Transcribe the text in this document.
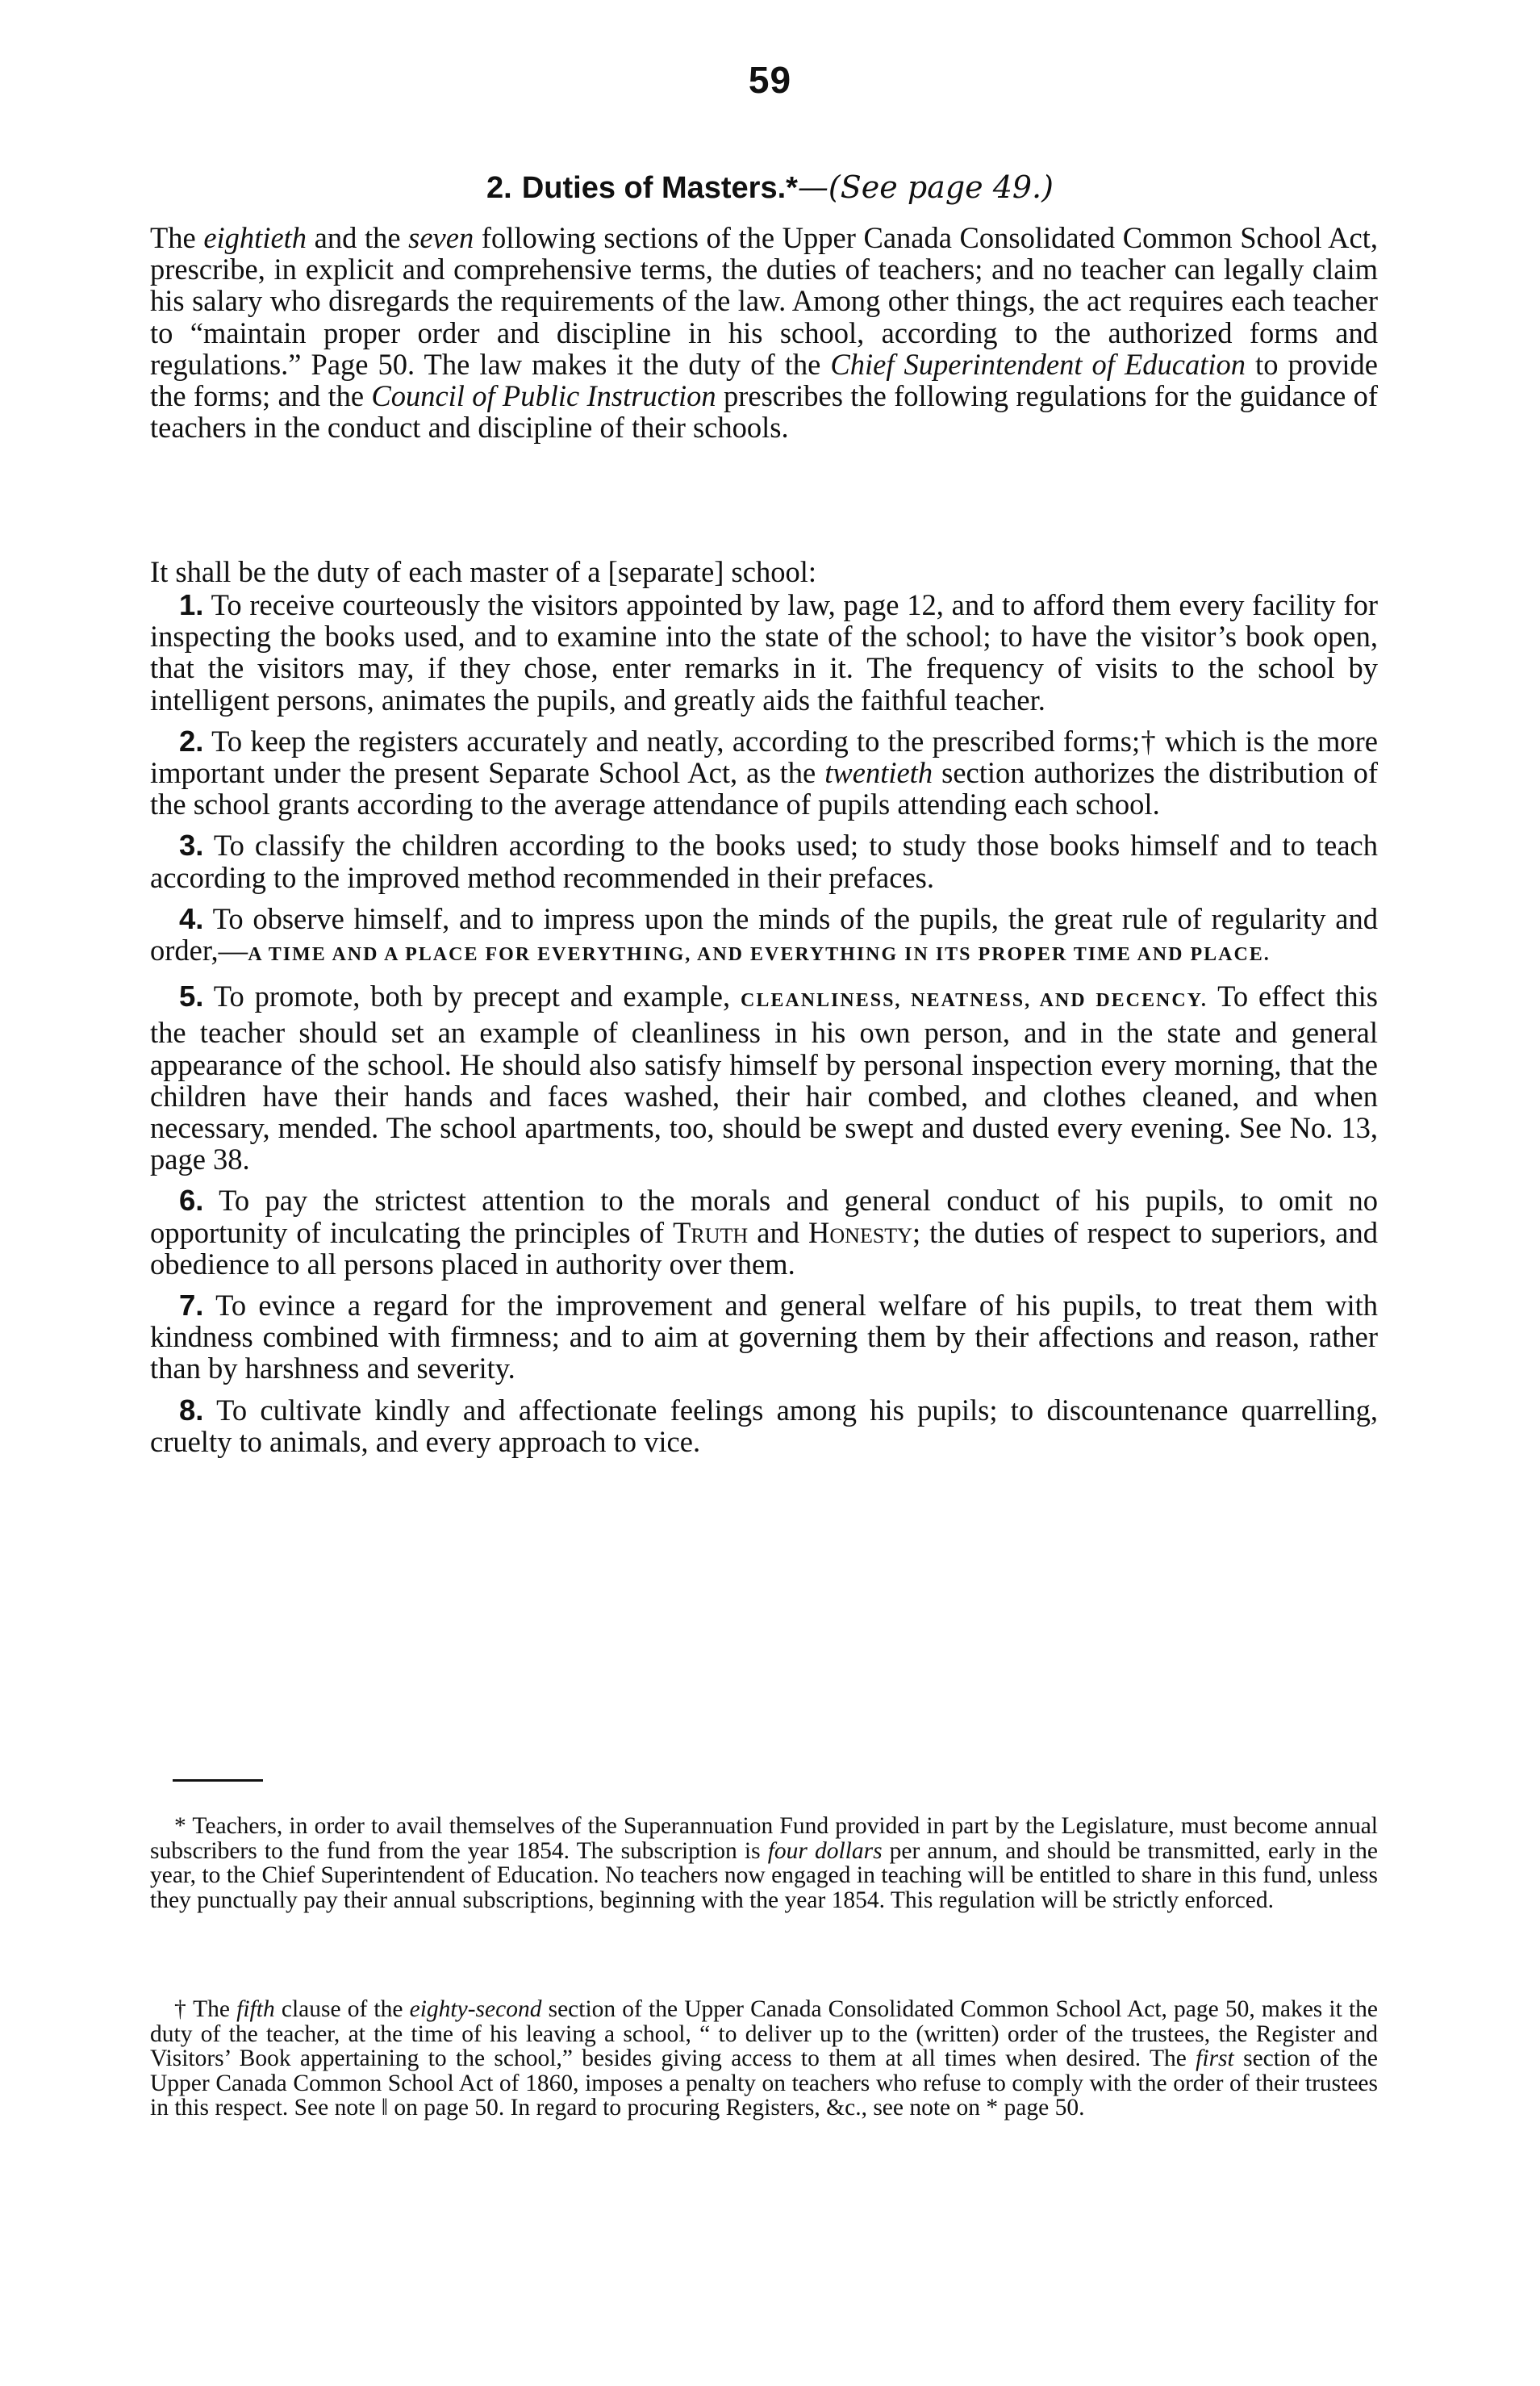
59
2. Duties of Masters.*—(See page 49.)
The eightieth and the seven following sections of the Upper Canada Consolidated Common School Act, prescribe, in explicit and comprehensive terms, the duties of teachers; and no teacher can legally claim his salary who disregards the requirements of the law. Among other things, the act requires each teacher to “maintain proper order and discipline in his school, according to the authorized forms and regulations.” Page 50. The law makes it the duty of the Chief Superintendent of Education to provide the forms; and the Council of Public Instruction prescribes the following regulations for the guidance of teachers in the conduct and discipline of their schools.
It shall be the duty of each master of a [separate] school:

1. To receive courteously the visitors appointed by law, page 12, and to afford them every facility for inspecting the books used, and to examine into the state of the school; to have the visitor’s book open, that the visitors may, if they chose, enter remarks in it. The frequency of visits to the school by intelligent persons, animates the pupils, and greatly aids the faithful teacher.

2. To keep the registers accurately and neatly, according to the prescribed forms;† which is the more important under the present Separate School Act, as the twentieth section authorizes the distribution of the school grants according to the average attendance of pupils attending each school.

3. To classify the children according to the books used; to study those books himself and to teach according to the improved method recommended in their prefaces.

4. To observe himself, and to impress upon the minds of the pupils, the great rule of regularity and order,—A TIME AND A PLACE FOR EVERYTHING, AND EVERYTHING IN ITS PROPER TIME AND PLACE.

5. To promote, both by precept and example, CLEANLINESS, NEATNESS, AND DECENCY. To effect this the teacher should set an example of cleanliness in his own person, and in the state and general appearance of the school. He should also satisfy himself by personal inspection every morning, that the children have their hands and faces washed, their hair combed, and clothes cleaned, and when necessary, mended. The school apartments, too, should be swept and dusted every evening. See No. 13, page 38.

6. To pay the strictest attention to the morals and general conduct of his pupils, to omit no opportunity of inculcating the principles of Truth and Honesty; the duties of respect to superiors, and obedience to all persons placed in authority over them.

7. To evince a regard for the improvement and general welfare of his pupils, to treat them with kindness combined with firmness; and to aim at governing them by their affections and reason, rather than by harshness and severity.

8. To cultivate kindly and affectionate feelings among his pupils; to discountenance quarrelling, cruelty to animals, and every approach to vice.

* Teachers, in order to avail themselves of the Superannuation Fund provided in part by the Legislature, must become annual subscribers to the fund from the year 1854. The subscription is four dollars per annum, and should be transmitted, early in the year, to the Chief Superintendent of Education. No teachers now engaged in teaching will be entitled to share in this fund, unless they punctually pay their annual subscriptions, beginning with the year 1854. This regulation will be strictly enforced.
† The fifth clause of the eighty-second section of the Upper Canada Consolidated Common School Act, page 50, makes it the duty of the teacher, at the time of his leaving a school, “ to deliver up to the (written) order of the trustees, the Register and Visitors’ Book appertaining to the school,” besides giving access to them at all times when desired. The first section of the Upper Canada Common School Act of 1860, imposes a penalty on teachers who refuse to comply with the order of their trustees in this respect. See note ‖ on page 50. In regard to procuring Registers, &c., see note on * page 50.
